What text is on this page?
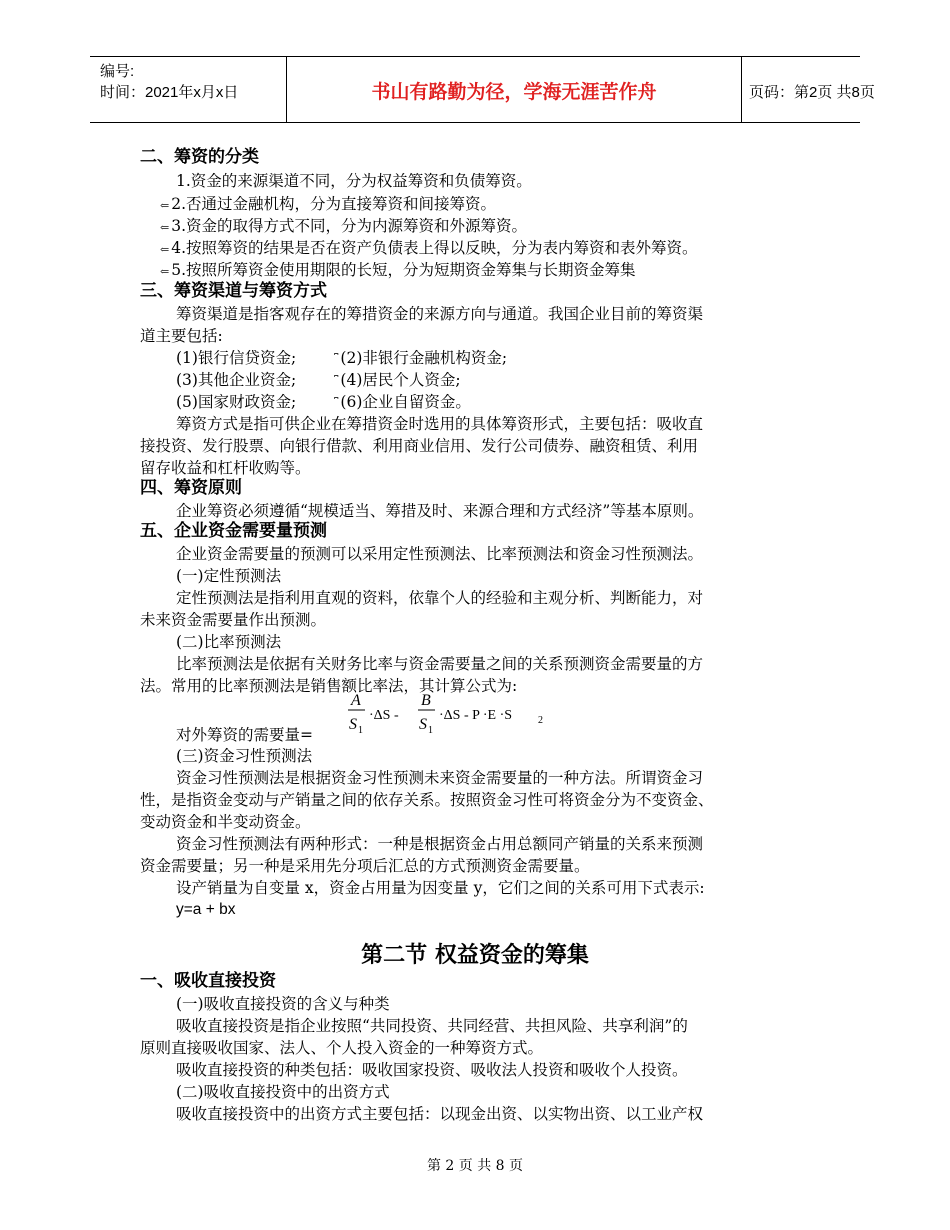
编号:
时间：2021年x月x日	书山有路勤为径，学海无涯苦作舟	页码：第2页 共8页
二、筹资的分类
1.资金的来源渠道不同，分为权益筹资和负债筹资。
⇐ 2.否通过金融机构，分为直接筹资和间接筹资。
⇐ 3.资金的取得方式不同，分为内源筹资和外源筹资。
⇐ 4.按照筹资的结果是否在资产负债表上得以反映，分为表内筹资和表外筹资。
⇐ 5.按照所筹资金使用期限的长短，分为短期资金筹集与长期资金筹集
三、筹资渠道与筹资方式
筹资渠道是指客观存在的筹措资金的来源方向与通道。我国企业目前的筹资渠
道主要包括:
(1)银行信贷资金;	⎴ (2)非银行金融机构资金;
(3)其他企业资金;	⎴ (4)居民个人资金;
(5)国家财政资金;	⎴ (6)企业自留资金。
筹资方式是指可供企业在筹措资金时选用的具体筹资形式，主要包括：吸收直
接投资、发行股票、向银行借款、利用商业信用、发行公司债券、融资租赁、利用
留存收益和杠杆收购等。
四、筹资原则
企业筹资必须遵循“规模适当、筹措及时、来源合理和方式经济”等基本原则。
五、企业资金需要量预测
企业资金需要量的预测可以采用定性预测法、比率预测法和资金习性预测法。
(一)定性预测法
定性预测法是指利用直观的资料，依靠个人的经验和主观分析、判断能力，对
未来资金需要量作出预测。
(二)比率预测法
比率预测法是依据有关财务比率与资金需要量之间的关系预测资金需要量的方
法。常用的比率预测法是销售额比率法，其计算公式为:
A
S 1
·ΔS -
B
S 1
·ΔS - P ·E ·S	2
对外筹资的需要量=
(三)资金习性预测法
资金习性预测法是根据资金习性预测未来资金需要量的一种方法。所谓资金习
性，是指资金变动与产销量之间的依存关系。按照资金习性可将资金分为不变资金、
变动资金和半变动资金。
资金习性预测法有两种形式：一种是根据资金占用总额同产销量的关系来预测
资金需要量；另一种是采用先分项后汇总的方式预测资金需要量。
设产销量为自变量 x，资金占用量为因变量 y，它们之间的关系可用下式表示:
y=a + bx
第二节 权益资金的筹集
一、吸收直接投资
(一)吸收直接投资的含义与种类
吸收直接投资是指企业按照“共同投资、共同经营、共担风险、共享利润”的
原则直接吸收国家、法人、个人投入资金的一种筹资方式。
吸收直接投资的种类包括：吸收国家投资、吸收法人投资和吸收个人投资。
(二)吸收直接投资中的出资方式
吸收直接投资中的出资方式主要包括：以现金出资、以实物出资、以工业产权
第 2 页 共 8 页
